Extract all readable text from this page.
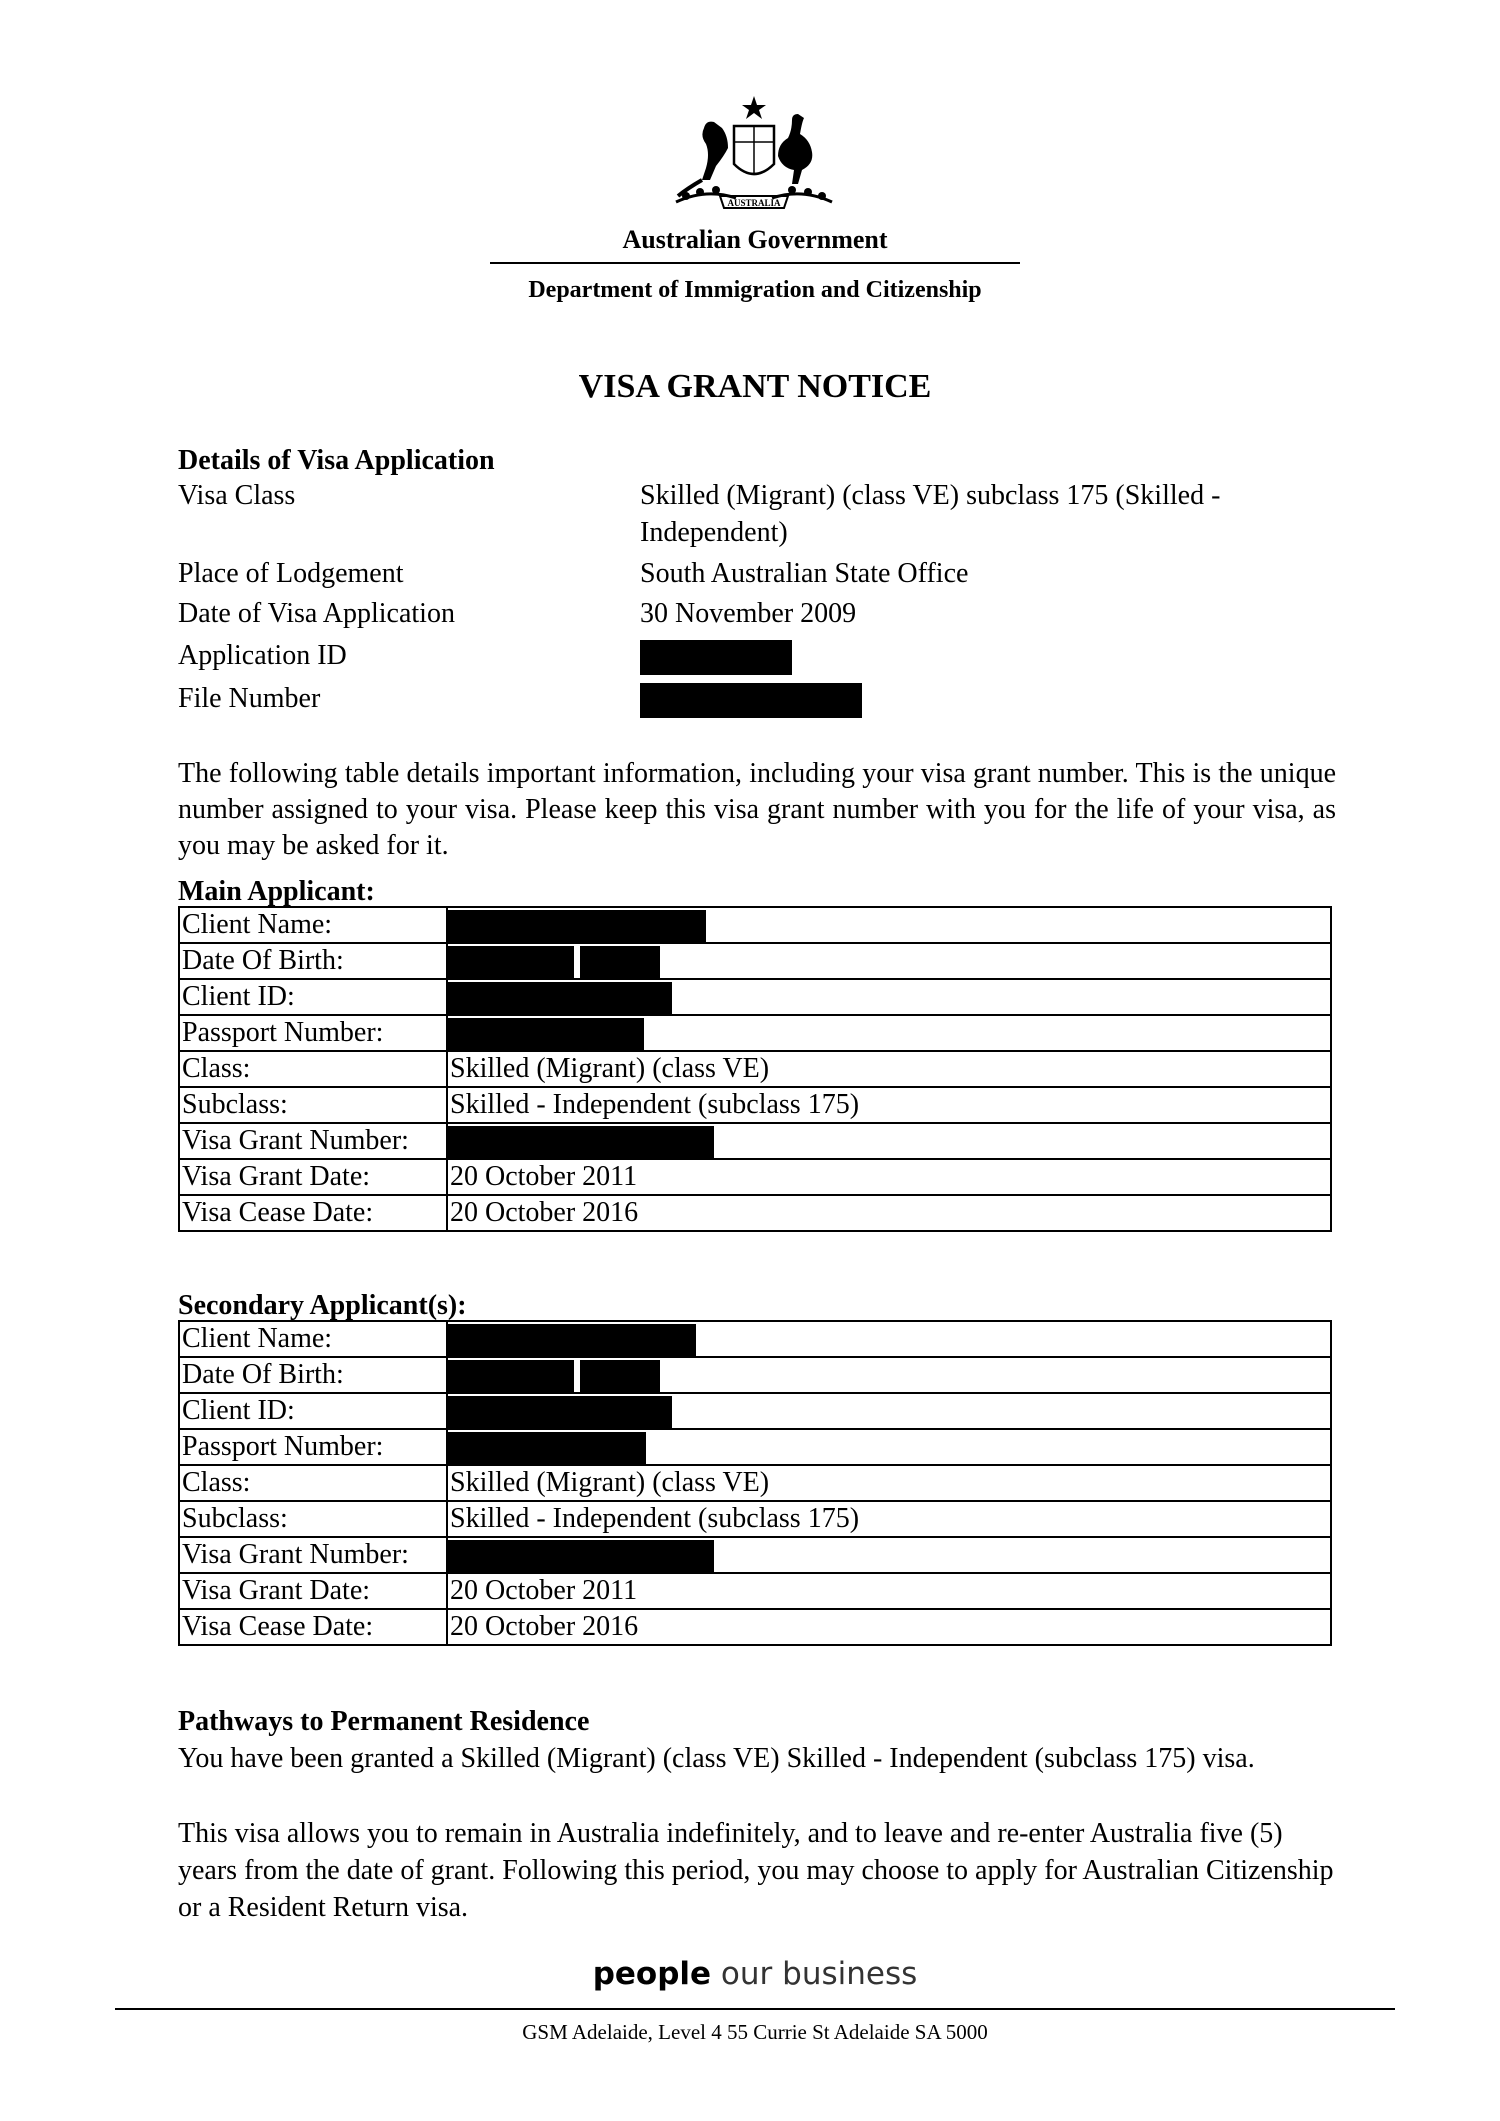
AUSTRALIA
Australian Government
Department of Immigration and Citizenship
VISA GRANT NOTICE
Details of Visa Application
Visa Class	Skilled (Migrant) (class VE) subclass 175 (Skilled - Independent)
Place of Lodgement	South Australian State Office
Date of Visa Application	30 November 2009
Application ID
File Number
The following table details important information, including your visa grant number. This is the unique number assigned to your visa. Please keep this visa grant number with you for the life of your visa, as you may be asked for it.
Main Applicant:
Client Name:	

Date Of Birth:	

Client ID:	

Passport Number:	

Class:	Skilled (Migrant) (class VE)
Subclass:	Skilled - Independent (subclass 175)
Visa Grant Number:	

Visa Grant Date:	20 October 2011
Visa Cease Date:	20 October 2016
Secondary Applicant(s):
Client Name:	

Date Of Birth:	

Client ID:	

Passport Number:	

Class:	Skilled (Migrant) (class VE)
Subclass:	Skilled - Independent (subclass 175)
Visa Grant Number:	

Visa Grant Date:	20 October 2011
Visa Cease Date:	20 October 2016
Pathways to Permanent Residence
You have been granted a Skilled (Migrant) (class VE) Skilled - Independent (subclass 175) visa.
This visa allows you to remain in Australia indefinitely, and to leave and re-enter Australia five (5) years from the date of grant. Following this period, you may choose to apply for Australian Citizenship or a Resident Return visa.
people our business
GSM Adelaide, Level 4 55 Currie St Adelaide SA 5000
